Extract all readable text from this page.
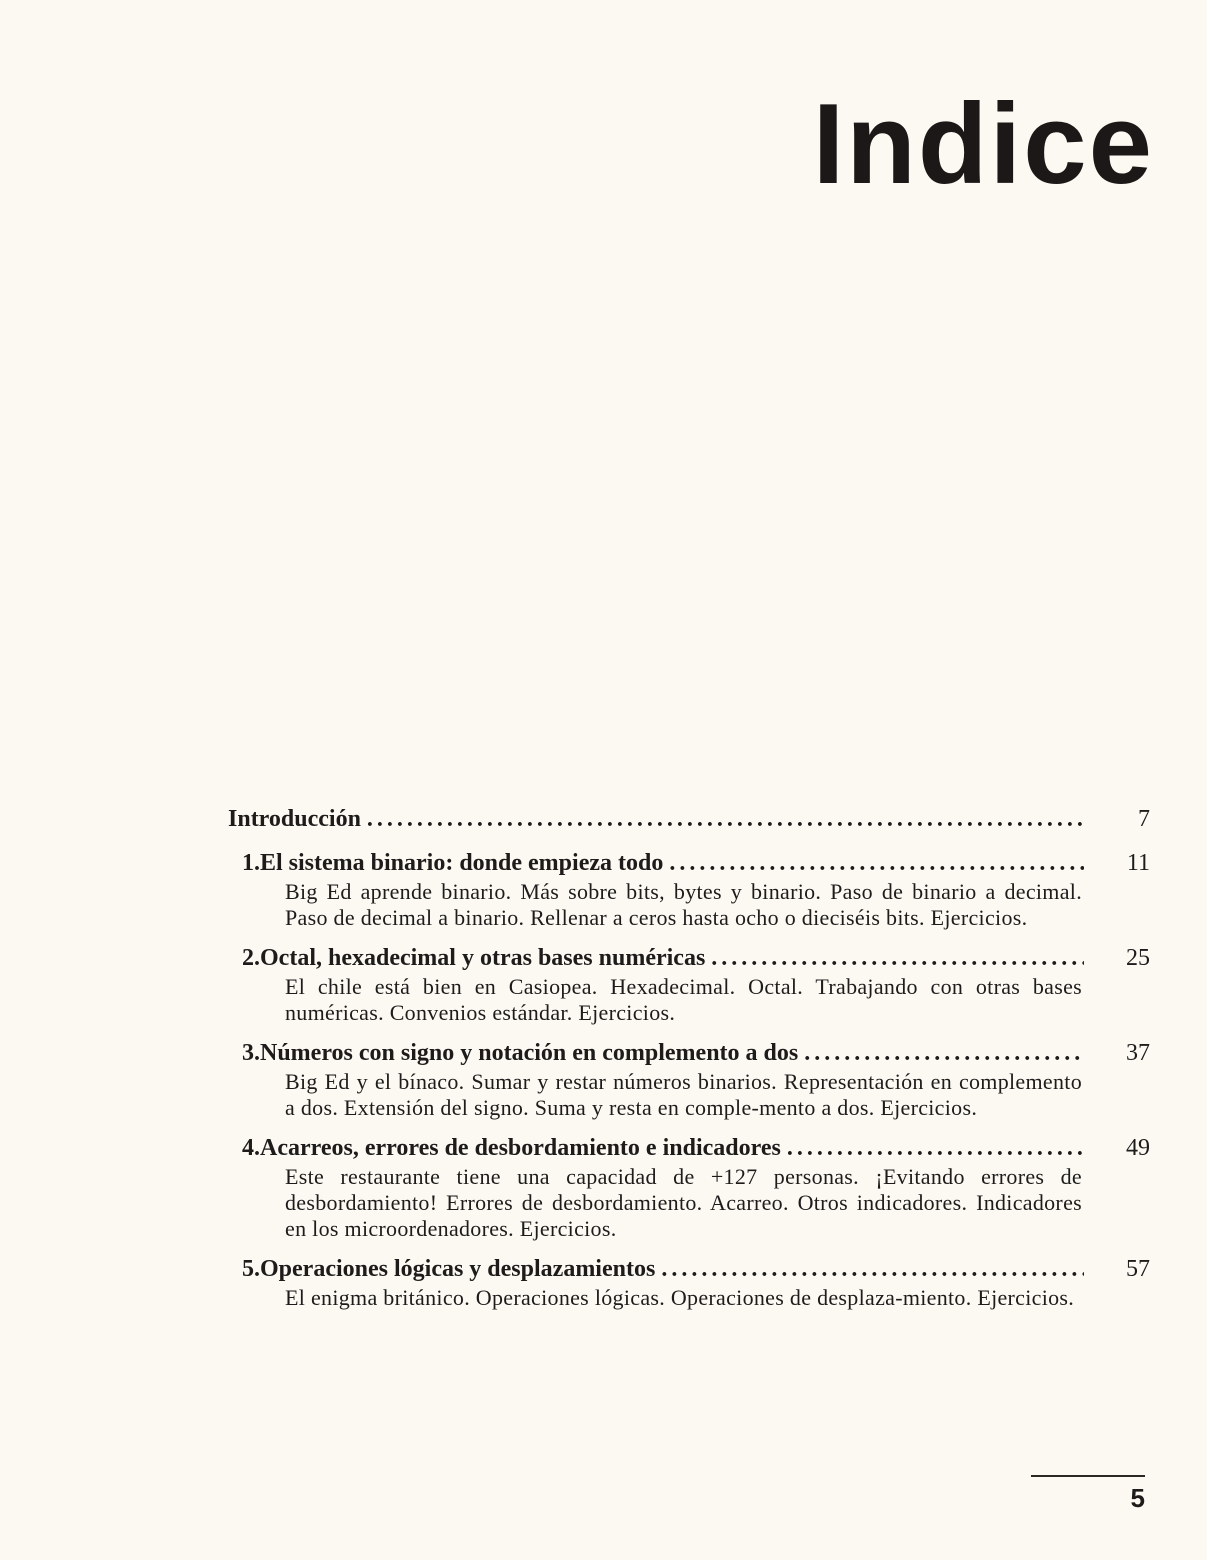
Indice
Introducción . . .	7
1. El sistema binario: donde empieza todo . . .	11
Big Ed aprende binario. Más sobre bits, bytes y binario. Paso de binario a decimal. Paso de decimal a binario. Rellenar a ceros hasta ocho o dieciséis bits. Ejercicios.
2. Octal, hexadecimal y otras bases numéricas . . .	25
El chile está bien en Casiopea. Hexadecimal. Octal. Trabajando con otras bases numéricas. Convenios estándar. Ejercicios.
3. Números con signo y notación en complemento a dos . . .	37
Big Ed y el bínaco. Sumar y restar números binarios. Representación en complemento a dos. Extensión del signo. Suma y resta en comple-mento a dos. Ejercicios.
4. Acarreos, errores de desbordamiento e indicadores . . .	49
Este restaurante tiene una capacidad de +127 personas. ¡Evitando errores de desbordamiento! Errores de desbordamiento. Acarreo. Otros indicadores. Indicadores en los microordenadores. Ejercicios.
5. Operaciones lógicas y desplazamientos . . .	57
El enigma británico. Operaciones lógicas. Operaciones de desplaza-miento. Ejercicios.
5
